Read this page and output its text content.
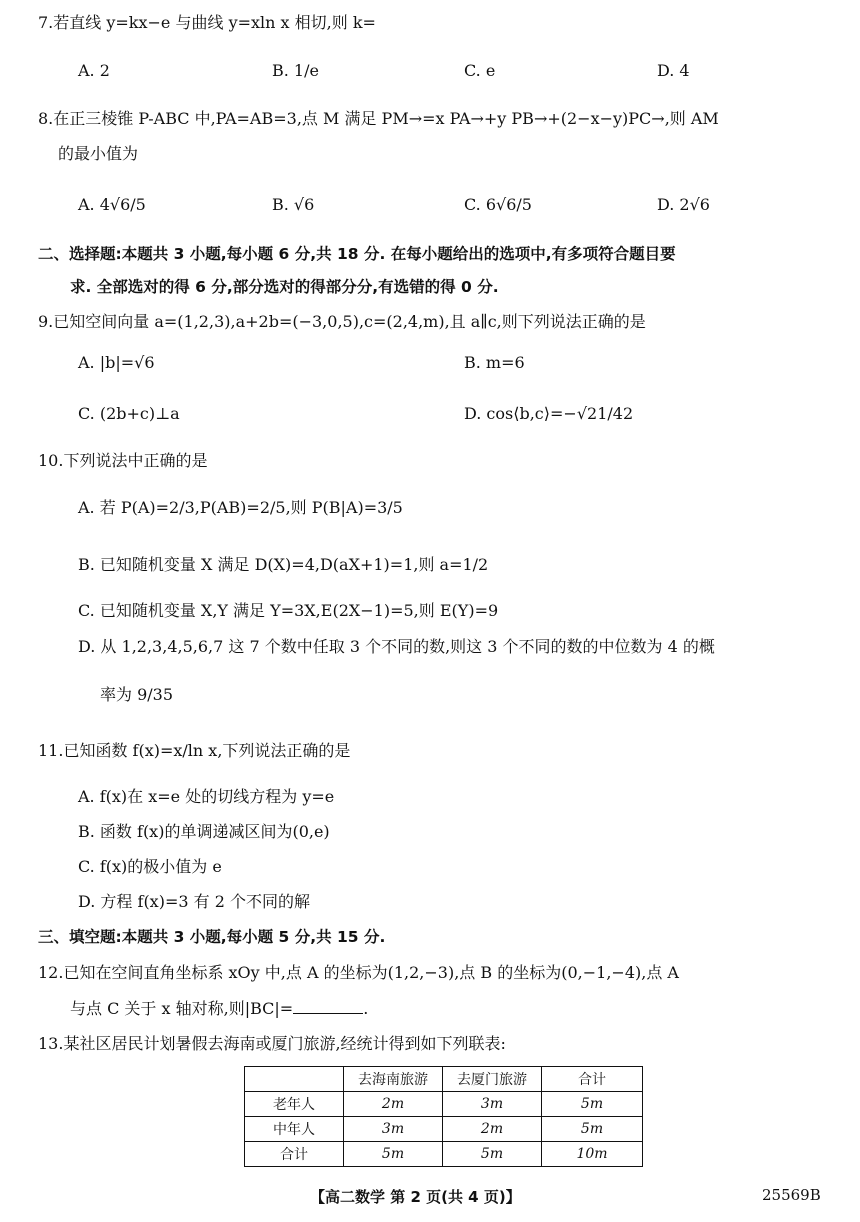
7.若直线 y=kx−e 与曲线 y=xln x 相切,则 k=
A. 2	B. 1/e	C. e	D. 4
8.在正三棱锥 P-ABC 中,PA=AB=3,点 M 满足 PM→=x PA→+y PB→+(2−x−y)PC→,则 AM
的最小值为
A. 4√6/5	B. √6	C. 6√6/5	D. 2√6
二、选择题:本题共 3 小题,每小题 6 分,共 18 分. 在每小题给出的选项中,有多项符合题目要
求. 全部选对的得 6 分,部分选对的得部分分,有选错的得 0 分.
9.已知空间向量 a=(1,2,3),a+2b=(−3,0,5),c=(2,4,m),且 a∥c,则下列说法正确的是
A. |b|=√6	B. m=6
C. (2b+c)⊥a	D. cos⟨b,c⟩=−√21/42
10.下列说法中正确的是
A. 若 P(A)=2/3,P(AB)=2/5,则 P(B|A)=3/5
B. 已知随机变量 X 满足 D(X)=4,D(aX+1)=1,则 a=1/2
C. 已知随机变量 X,Y 满足 Y=3X,E(2X−1)=5,则 E(Y)=9
D. 从 1,2,3,4,5,6,7 这 7 个数中任取 3 个不同的数,则这 3 个不同的数的中位数为 4 的概
率为 9/35
11.已知函数 f(x)=x/ln x,下列说法正确的是
A. f(x)在 x=e 处的切线方程为 y=e
B. 函数 f(x)的单调递减区间为(0,e)
C. f(x)的极小值为 e
D. 方程 f(x)=3 有 2 个不同的解
三、填空题:本题共 3 小题,每小题 5 分,共 15 分.
12.已知在空间直角坐标系 xOy 中,点 A 的坐标为(1,2,−3),点 B 的坐标为(0,−1,−4),点 A
与点 C 关于 x 轴对称,则|BC|=	.
13.某社区居民计划暑假去海南或厦门旅游,经统计得到如下列联表:
	去海南旅游	去厦门旅游	合计
老年人	2m	3m	5m
中年人	3m	2m	5m
合计	5m	5m	10m
【高二数学 第 2 页(共 4 页)】	25569B
